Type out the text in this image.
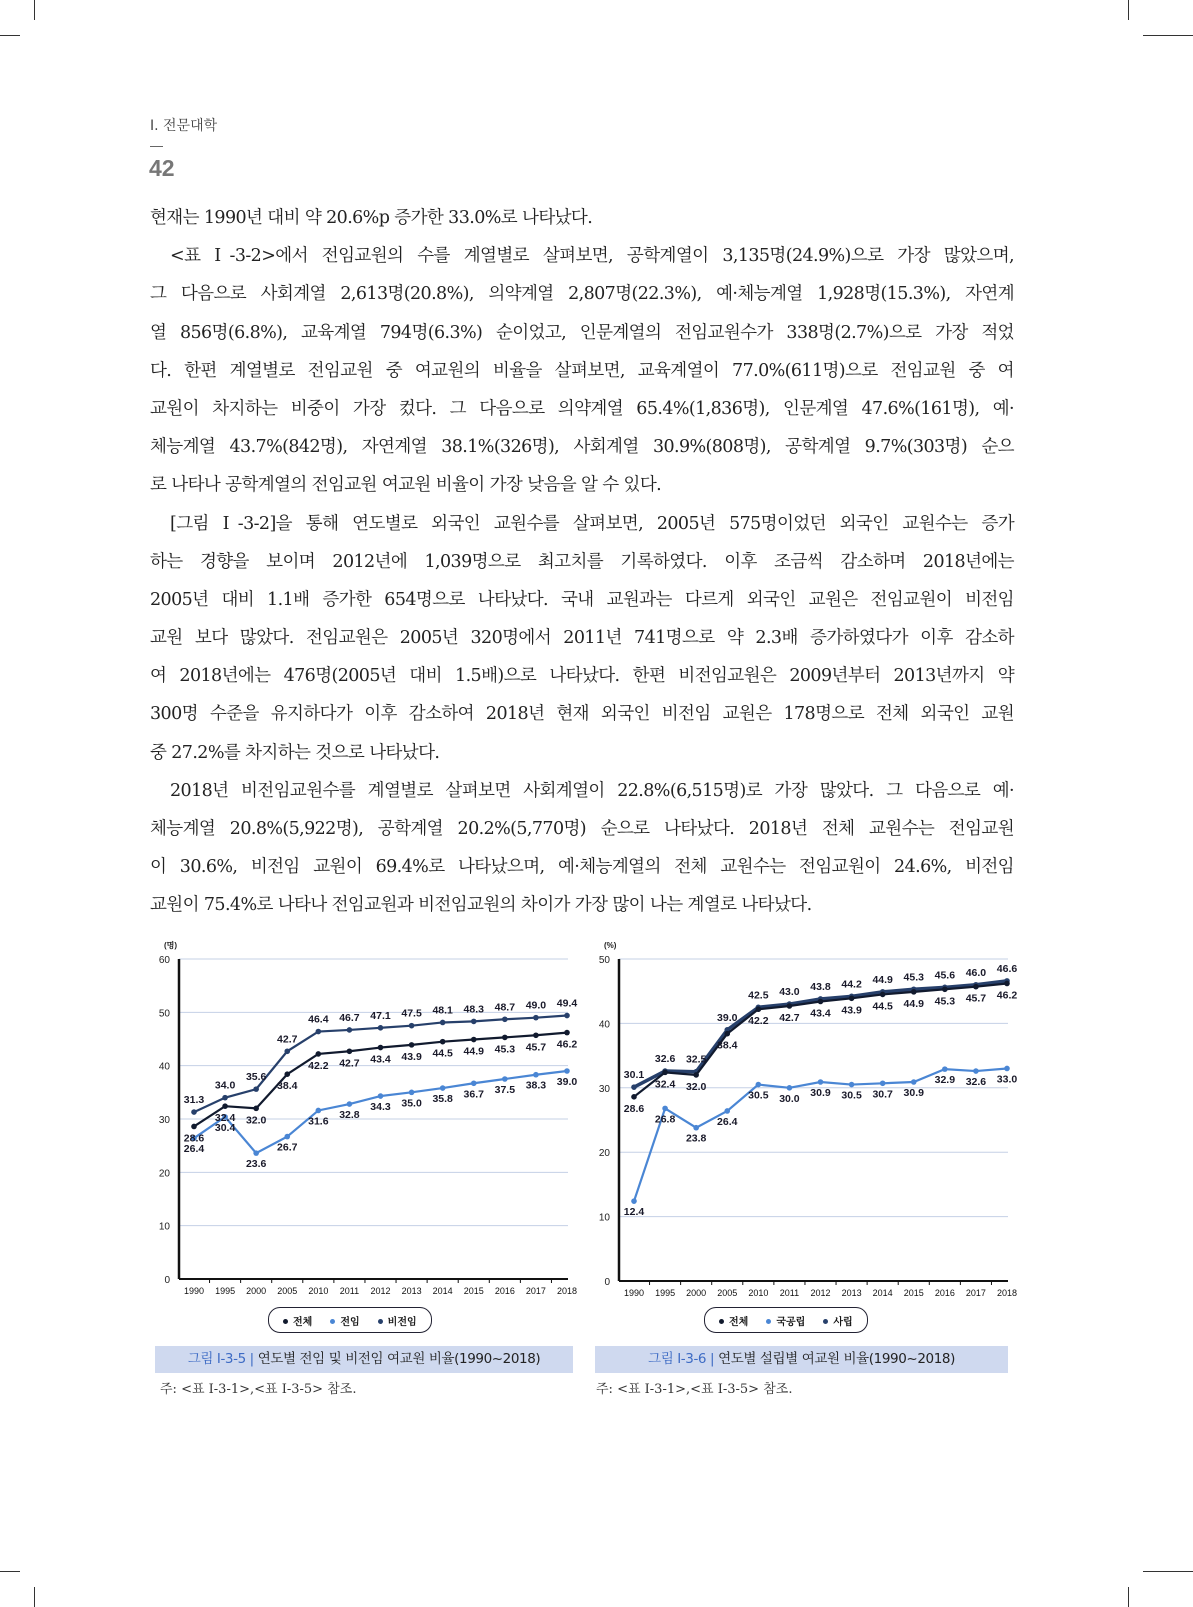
Ⅰ. 전문대학
42
현재는 1990년 대비 약 20.6%p 증가한 33.0%로 나타났다.
<표 Ⅰ-3-2>에서 전임교원의 수를 계열별로 살펴보면, 공학계열이 3,135명(24.9%)으로 가장 많았으며,
그 다음으로 사회계열 2,613명(20.8%), 의약계열 2,807명(22.3%), 예·체능계열 1,928명(15.3%), 자연계
열 856명(6.8%), 교육계열 794명(6.3%) 순이었고, 인문계열의 전임교원수가 338명(2.7%)으로 가장 적었
다. 한편 계열별로 전임교원 중 여교원의 비율을 살펴보면, 교육계열이 77.0%(611명)으로 전임교원 중 여
교원이 차지하는 비중이 가장 컸다. 그 다음으로 의약계열 65.4%(1,836명), 인문계열 47.6%(161명), 예·
체능계열 43.7%(842명), 자연계열 38.1%(326명), 사회계열 30.9%(808명), 공학계열 9.7%(303명) 순으
로 나타나 공학계열의 전임교원 여교원 비율이 가장 낮음을 알 수 있다.
[그림 Ⅰ-3-2]을 통해 연도별로 외국인 교원수를 살펴보면, 2005년 575명이었던 외국인 교원수는 증가
하는 경향을 보이며 2012년에 1,039명으로 최고치를 기록하였다. 이후 조금씩 감소하며 2018년에는
2005년 대비 1.1배 증가한 654명으로 나타났다. 국내 교원과는 다르게 외국인 교원은 전임교원이 비전임
교원 보다 많았다. 전임교원은 2005년 320명에서 2011년 741명으로 약 2.3배 증가하였다가 이후 감소하
여 2018년에는 476명(2005년 대비 1.5배)으로 나타났다. 한편 비전임교원은 2009년부터 2013년까지 약
300명 수준을 유지하다가 이후 감소하여 2018년 현재 외국인 비전임 교원은 178명으로 전체 외국인 교원
중 27.2%를 차지하는 것으로 나타났다.
2018년 비전임교원수를 계열별로 살펴보면 사회계열이 22.8%(6,515명)로 가장 많았다. 그 다음으로 예·
체능계열 20.8%(5,922명), 공학계열 20.2%(5,770명) 순으로 나타났다. 2018년 전체 교원수는 전임교원
이 30.6%, 비전임 교원이 69.4%로 나타났으며, 예·체능계열의 전체 교원수는 전임교원이 24.6%, 비전임
교원이 75.4%로 나타나 전임교원과 비전임교원의 차이가 가장 많이 나는 계열로 나타났다.
(명)
0
10
20
30
40
50
60
1990 1995 2000 2005 2010 2011 2012 2013 2014 2015 2016 2017 2018
26.4
30.4
23.6
26.7
31.6
32.8
34.3 35.0 35.8 36.7 37.5 38.3 39.0
31.3
34.0
35.6
42.7
46.4 46.7 47.1 47.5 48.1 48.3 48.7 49.0 49.4
28.6
32.4 32.0
38.4
42.2 42.7 43.4 43.9 44.5 44.9 45.3 45.7 46.2
(%)
0
10
20
30
40
50
1990 1995 2000 2005 2010 2011 2012 2013 2014 2015 2016 2017 2018
12.4
26.8
23.8
26.4
30.5 30.0 30.9 30.5 30.7 30.9
32.9 32.6 33.0
30.1
32.6 32.5
39.0
42.5 43.0 43.8 44.2 44.9 45.3 45.6 46.0 46.6
28.6
32.4 32.0
38.4
42.2 42.7 43.4 43.9 44.5 44.9 45.3 45.7 46.2
전체	전임	비전임	전체	국공립	사립
그림 Ⅰ-3-5 | 연도별 전임 및 비전임 여교원 비율(1990~2018)	그림 Ⅰ-3-6 | 연도별 설립별 여교원 비율(1990~2018)
주: <표 Ⅰ-3-1>,<표 Ⅰ-3-5> 참조.	주: <표 Ⅰ-3-1>,<표 Ⅰ-3-5> 참조.
